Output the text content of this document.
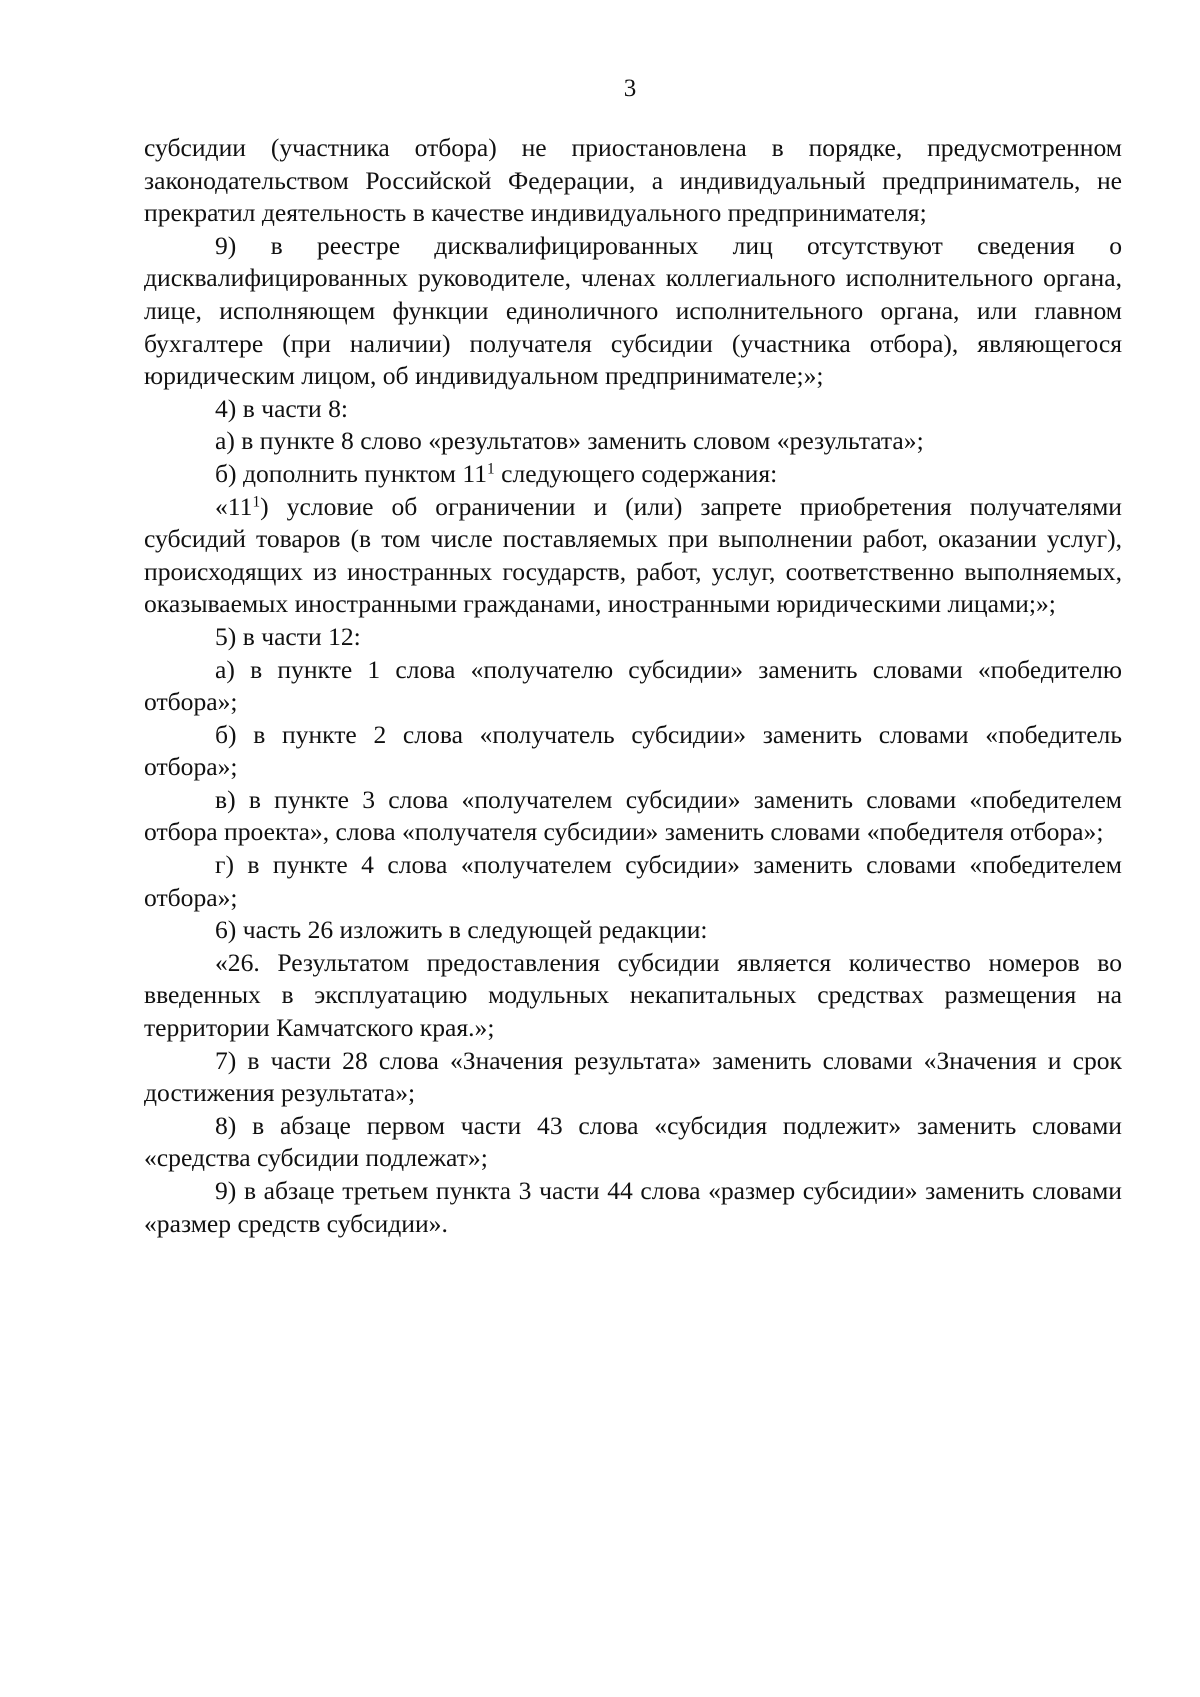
3

субсидии (участника отбора) не приостановлена в порядке, предусмотренном законодательством Российской Федерации, а индивидуальный предприниматель, не прекратил деятельность в качестве индивидуального предпринимателя;

9) в реестре дисквалифицированных лиц отсутствуют сведения о дисквалифицированных руководителе, членах коллегиального исполнительного органа, лице, исполняющем функции единоличного исполнительного органа, или главном бухгалтере (при наличии) получателя субсидии (участника отбора), являющегося юридическим лицом, об индивидуальном предпринимателе;»;

4) в части 8:

а) в пункте 8 слово «результатов» заменить словом «результата»;

б) дополнить пунктом $11^1$ следующего содержания:

«$11^1$) условие об ограничении и (или) запрете приобретения получателями субсидий товаров (в том числе поставляемых при выполнении работ, оказании услуг), происходящих из иностранных государств, работ, услуг, соответственно выполняемых, оказываемых иностранными гражданами, иностранными юридическими лицами;»;

5) в части 12:

а) в пункте 1 слова «получателю субсидии» заменить словами «победителю отбора»;

б) в пункте 2 слова «получатель субсидии» заменить словами «победитель отбора»;

в) в пункте 3 слова «получателем субсидии» заменить словами «победителем отбора проекта», слова «получателя субсидии» заменить словами «победителя отбора»;

г) в пункте 4 слова «получателем субсидии» заменить словами «победителем отбора»;

6) часть 26 изложить в следующей редакции:

«26. Результатом предоставления субсидии является количество номеров во введенных в эксплуатацию модульных некапитальных средствах размещения на территории Камчатского края.»;

7) в части 28 слова «Значения результата» заменить словами «Значения и срок достижения результата»;

8) в абзаце первом части 43 слова «субсидия подлежит» заменить словами «средства субсидии подлежат»;

9) в абзаце третьем пункта 3 части 44 слова «размер субсидии» заменить словами «размер средств субсидии».
